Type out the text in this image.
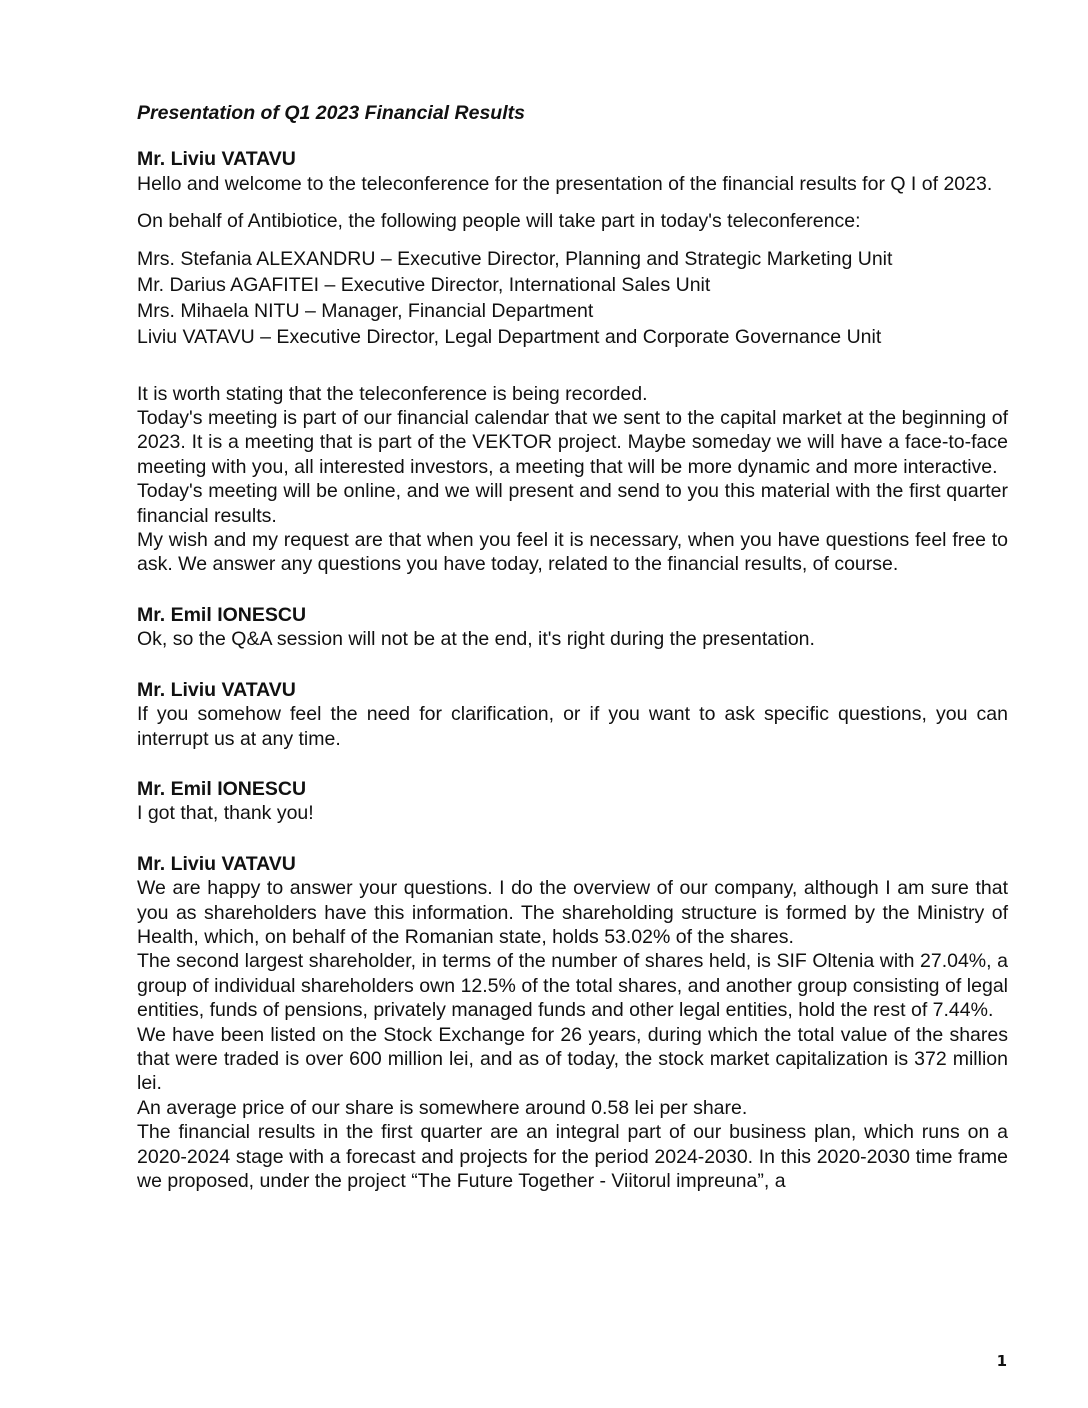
Presentation of Q1 2023 Financial Results

Mr. Liviu VATAVU

Hello and welcome to the teleconference for the presentation of the financial results for Q I of 2023.

On behalf of Antibiotice, the following people will take part in today's teleconference:

Mrs. Stefania ALEXANDRU – Executive Director, Planning and Strategic Marketing Unit
Mr. Darius AGAFITEI – Executive Director, International Sales Unit
Mrs. Mihaela NITU – Manager, Financial Department
Liviu VATAVU – Executive Director, Legal Department and Corporate Governance Unit

It is worth stating that the teleconference is being recorded.

Today's meeting is part of our financial calendar that we sent to the capital market at the beginning of 2023. It is a meeting that is part of the VEKTOR project. Maybe someday we will have a face-to-face meeting with you, all interested investors, a meeting that will be more dynamic and more interactive.

Today's meeting will be online, and we will present and send to you this material with the first quarter financial results.

My wish and my request are that when you feel it is necessary, when you have questions feel free to ask. We answer any questions you have today, related to the financial results, of course.

Mr. Emil IONESCU

Ok, so the Q&A session will not be at the end, it's right during the presentation.

Mr. Liviu VATAVU

If you somehow feel the need for clarification, or if you want to ask specific questions, you can interrupt us at any time.

Mr. Emil IONESCU

I got that, thank you!

Mr. Liviu VATAVU

We are happy to answer your questions. I do the overview of our company, although I am sure that you as shareholders have this information. The shareholding structure is formed by the Ministry of Health, which, on behalf of the Romanian state, holds 53.02% of the shares.

The second largest shareholder, in terms of the number of shares held, is SIF Oltenia with 27.04%, a group of individual shareholders own 12.5% of the total shares, and another group consisting of legal entities, funds of pensions, privately managed funds and other legal entities, hold the rest of 7.44%.

We have been listed on the Stock Exchange for 26 years, during which the total value of the shares that were traded is over 600 million lei, and as of today, the stock market capitalization is 372 million lei.

An average price of our share is somewhere around 0.58 lei per share.

The financial results in the first quarter are an integral part of our business plan, which runs on a 2020-2024 stage with a forecast and projects for the period 2024-2030. In this 2020-2030 time frame we proposed, under the project “The Future Together - Viitorul impreuna”, a

1
